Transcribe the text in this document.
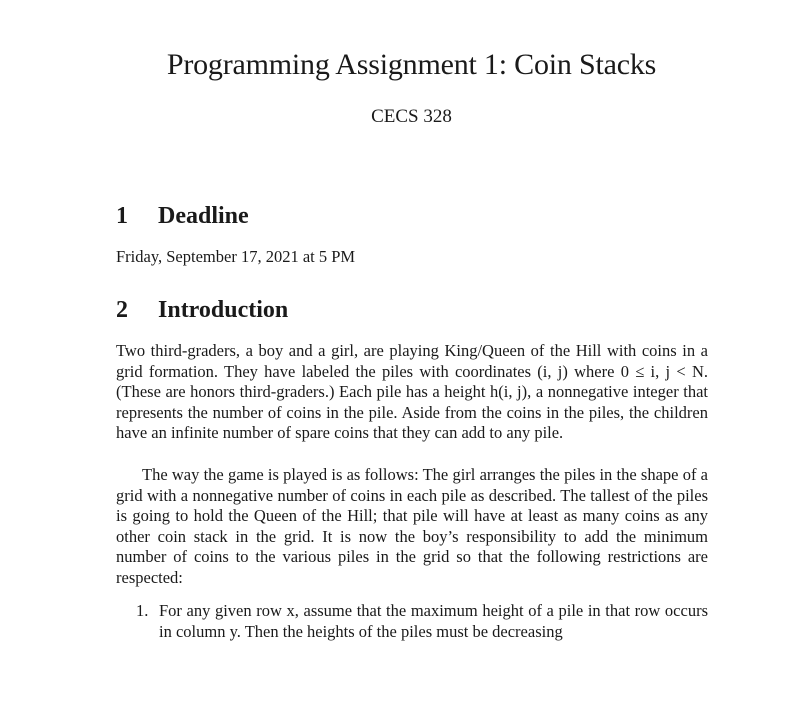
Programming Assignment 1: Coin Stacks
CECS 328
1 Deadline
Friday, September 17, 2021 at 5 PM
2 Introduction
Two third-graders, a boy and a girl, are playing King/Queen of the Hill with coins in a grid formation. They have labeled the piles with coordinates (i, j) where 0 ≤ i, j < N. (These are honors third-graders.) Each pile has a height h(i, j), a nonnegative integer that represents the number of coins in the pile. Aside from the coins in the piles, the children have an infinite number of spare coins that they can add to any pile.
The way the game is played is as follows: The girl arranges the piles in the shape of a grid with a nonnegative number of coins in each pile as described. The tallest of the piles is going to hold the Queen of the Hill; that pile will have at least as many coins as any other coin stack in the grid. It is now the boy’s responsibility to add the minimum number of coins to the various piles in the grid so that the following restrictions are respected:
1. For any given row x, assume that the maximum height of a pile in that row occurs in column y. Then the heights of the piles must be decreasing
